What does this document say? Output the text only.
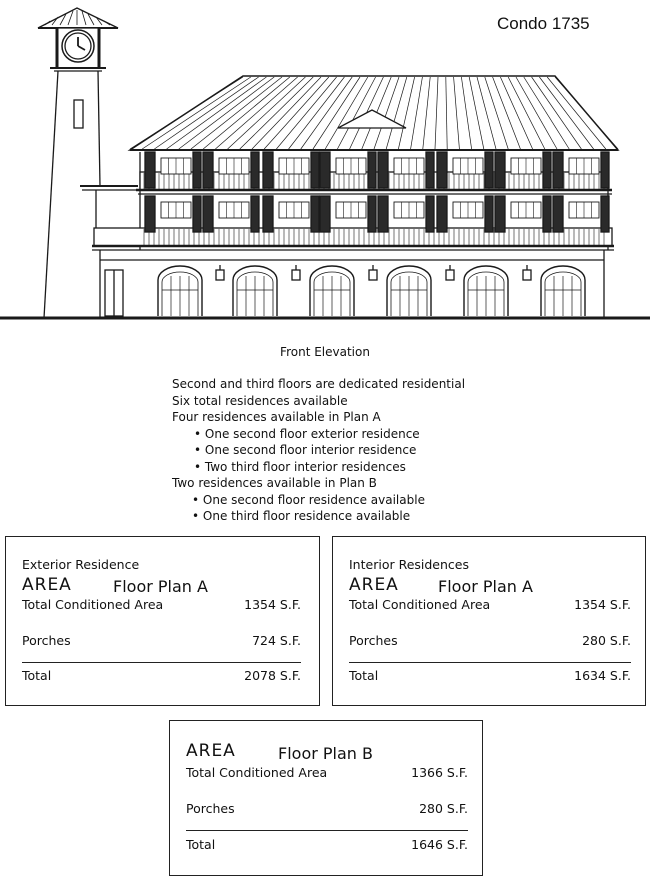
Condo 1735
Front Elevation
Second and third floors are dedicated residential
Six total residences available
Four residences available in Plan A
• One second floor exterior residence
• One second floor interior residence
• Two third floor interior residences
Two residences available in Plan B
• One second floor residence available
• One third floor residence available
Exterior Residence
AREA	Floor Plan A
Total Conditioned Area	1354 S.F.
Porches	724 S.F.
Total	2078 S.F.
Interior Residences
AREA Floor Plan A
Total Conditioned Area	1354 S.F.
Porches	280 S.F.
Total	1634 S.F.
AREA	Floor Plan B
Total Conditioned Area	1366 S.F.
Porches	280 S.F.
Total	1646 S.F.
